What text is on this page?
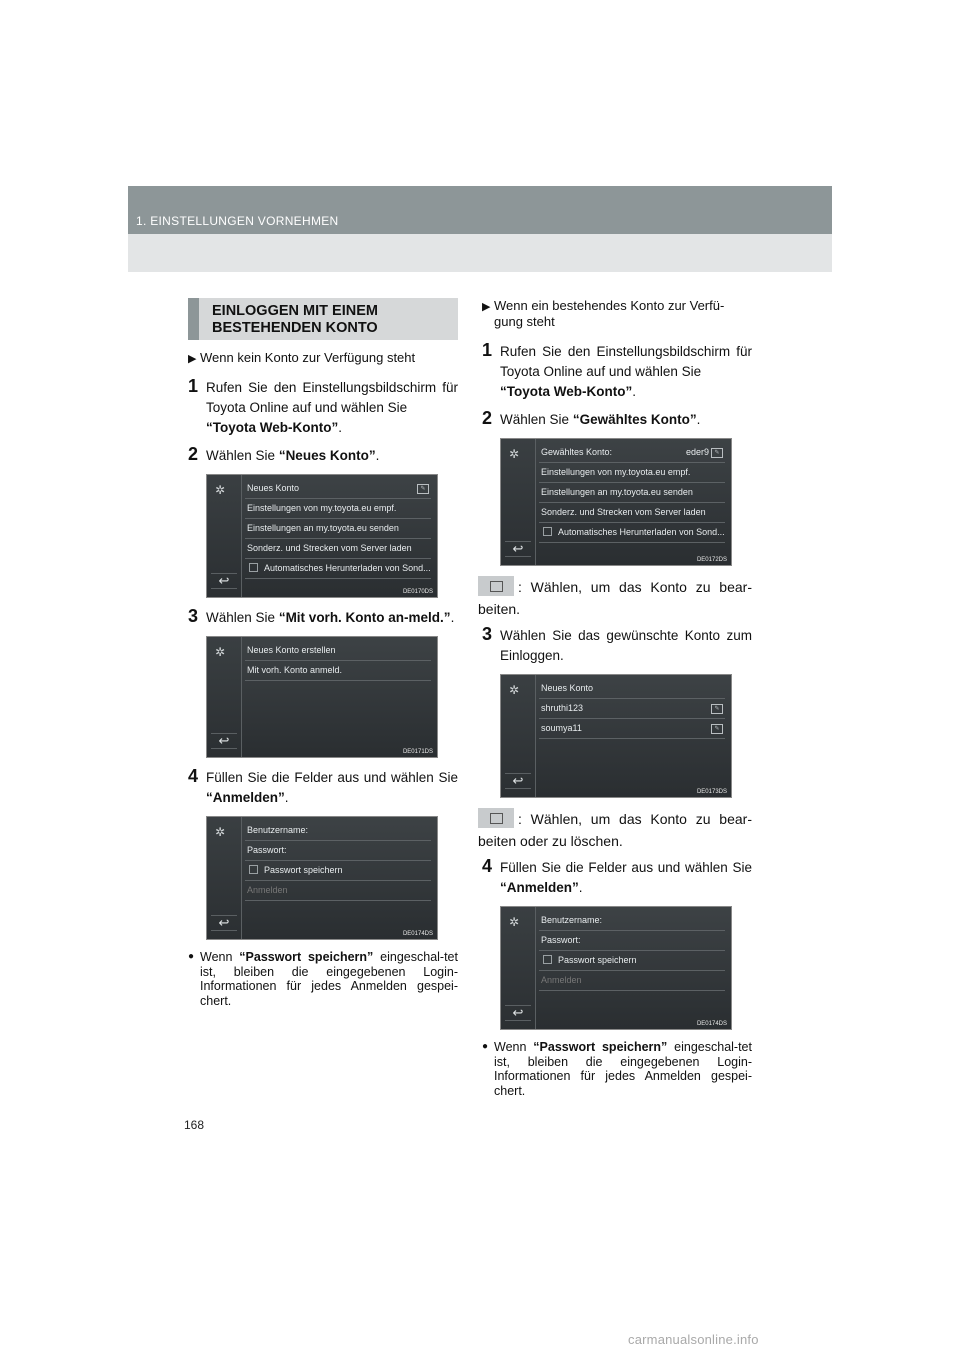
1. EINSTELLUNGEN VORNEHMEN
168
EINLOGGEN MIT EINEM
BESTEHENDEN KONTO
▶ Wenn kein Konto zur Verfügung steht
1 Rufen Sie den Einstellungsbildschirm für Toyota Online auf und wählen Sie
“Toyota Web-Konto”.
2 Wählen Sie “Neues Konto”.
✲
↩
Neues Konto	✎
Einstellungen von my.toyota.eu empf.
Einstellungen an my.toyota.eu senden
Sonderz. und Strecken vom Server laden
Automatisches Herunterladen von Sond...
DE0170DS
3 Wählen Sie “Mit vorh. Konto an-meld.”.
✲
↩
Neues Konto erstellen
Mit vorh. Konto anmeld.
DE0171DS
4 Füllen Sie die Felder aus und wählen Sie “Anmelden”.
✲
↩
Benutzername:
Passwort:
Passwort speichern
Anmelden
DE0174DS
● Wenn “Passwort speichern” eingeschal-tet ist, bleiben die eingegebenen Login-Informationen für jedes Anmelden gespei-chert.
▶ Wenn ein bestehendes Konto zur Verfü-gung steht
1 Rufen Sie den Einstellungsbildschirm für Toyota Online auf und wählen Sie
“Toyota Web-Konto”.
2 Wählen Sie “Gewähltes Konto”.
✲
↩
Gewähltes Konto:	eder9 ✎
Einstellungen von my.toyota.eu empf.
Einstellungen an my.toyota.eu senden
Sonderz. und Strecken vom Server laden
Automatisches Herunterladen von Sond...
DE0172DS
: Wählen, um das Konto zu bear-beiten.
3 Wählen Sie das gewünschte Konto zum Einloggen.
✲
↩
Neues Konto
shruthi123	✎
soumya11	✎
DE0173DS
: Wählen, um das Konto zu bear-beiten oder zu löschen.
4 Füllen Sie die Felder aus und wählen Sie “Anmelden”.
✲
↩
Benutzername:
Passwort:
Passwort speichern
Anmelden
DE0174DS
● Wenn “Passwort speichern” eingeschal-tet ist, bleiben die eingegebenen Login-Informationen für jedes Anmelden gespei-chert.
carmanualsonline.info
